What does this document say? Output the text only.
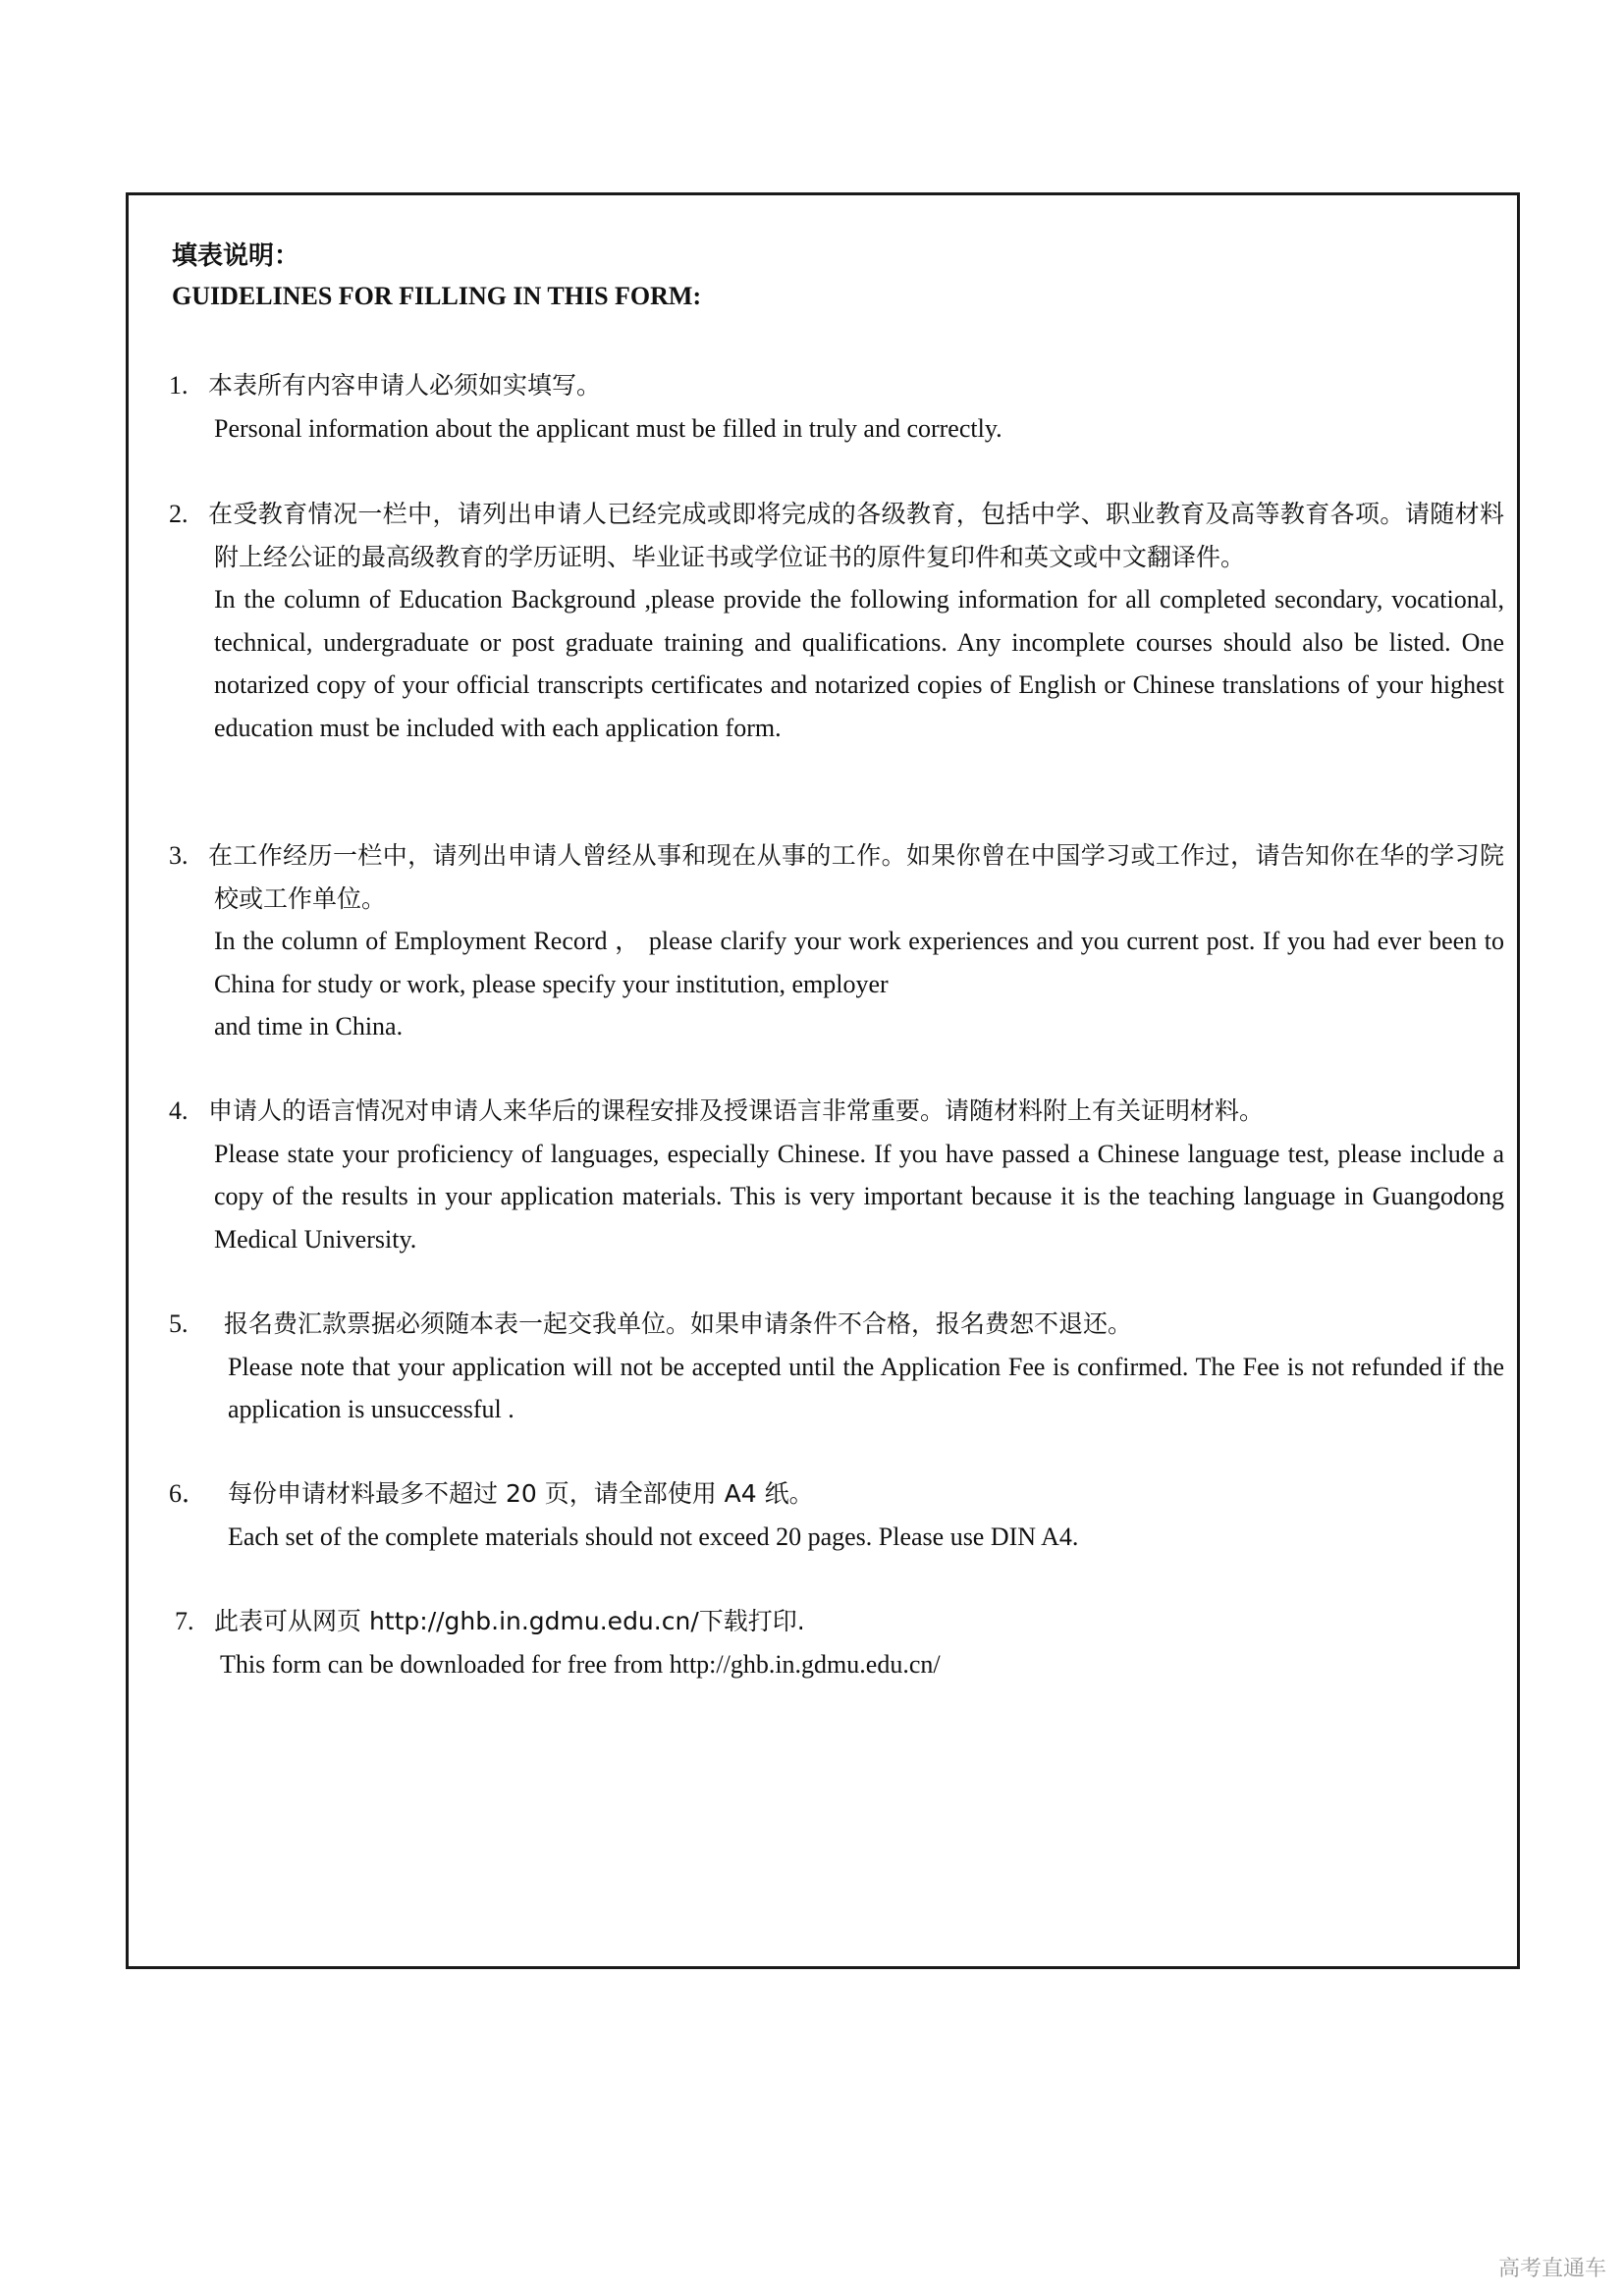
填表说明：
GUIDELINES FOR FILLING IN THIS FORM:
1. 本表所有内容申请人必须如实填写。
Personal information about the applicant must be filled in truly and correctly.
2. 在受教育情况一栏中，请列出申请人已经完成或即将完成的各级教育，包括中学、职业教育及高等教育各项。请随材料附上经公证的最高级教育的学历证明、毕业证书或学位证书的原件复印件和英文或中文翻译件。
In the column of Education Background ,please provide the following information for all completed secondary, vocational, technical, undergraduate or post graduate training and qualifications. Any incomplete courses should also be listed. One notarized copy of your official transcripts certificates and notarized copies of English or Chinese translations of your highest education must be included with each application form.
3. 在工作经历一栏中，请列出申请人曾经从事和现在从事的工作。如果你曾在中国学习或工作过，请告知你在华的学习院校或工作单位。
In the column of Employment Record ， please clarify your work experiences and you current post. If you had ever been to China for study or work, please specify your institution, employer
and time in China.
4. 申请人的语言情况对申请人来华后的课程安排及授课语言非常重要。请随材料附上有关证明材料。
Please state your proficiency of languages, especially Chinese. If you have passed a Chinese language test, please include a copy of the results in your application materials. This is very important because it is the teaching language in Guangodong Medical University.
5.	报名费汇款票据必须随本表一起交我单位。如果申请条件不合格，报名费恕不退还。
Please note that your application will not be accepted until the Application Fee is confirmed. The Fee is not refunded if the application is unsuccessful .
6． 每份申请材料最多不超过 20 页，请全部使用 A4 纸。
Each set of the complete materials should not exceed 20 pages. Please use DIN A4.
7. 此表可从网页 http://ghb.in.gdmu.edu.cn/下载打印.
This form can be downloaded for free from http://ghb.in.gdmu.edu.cn/
高考直通车
